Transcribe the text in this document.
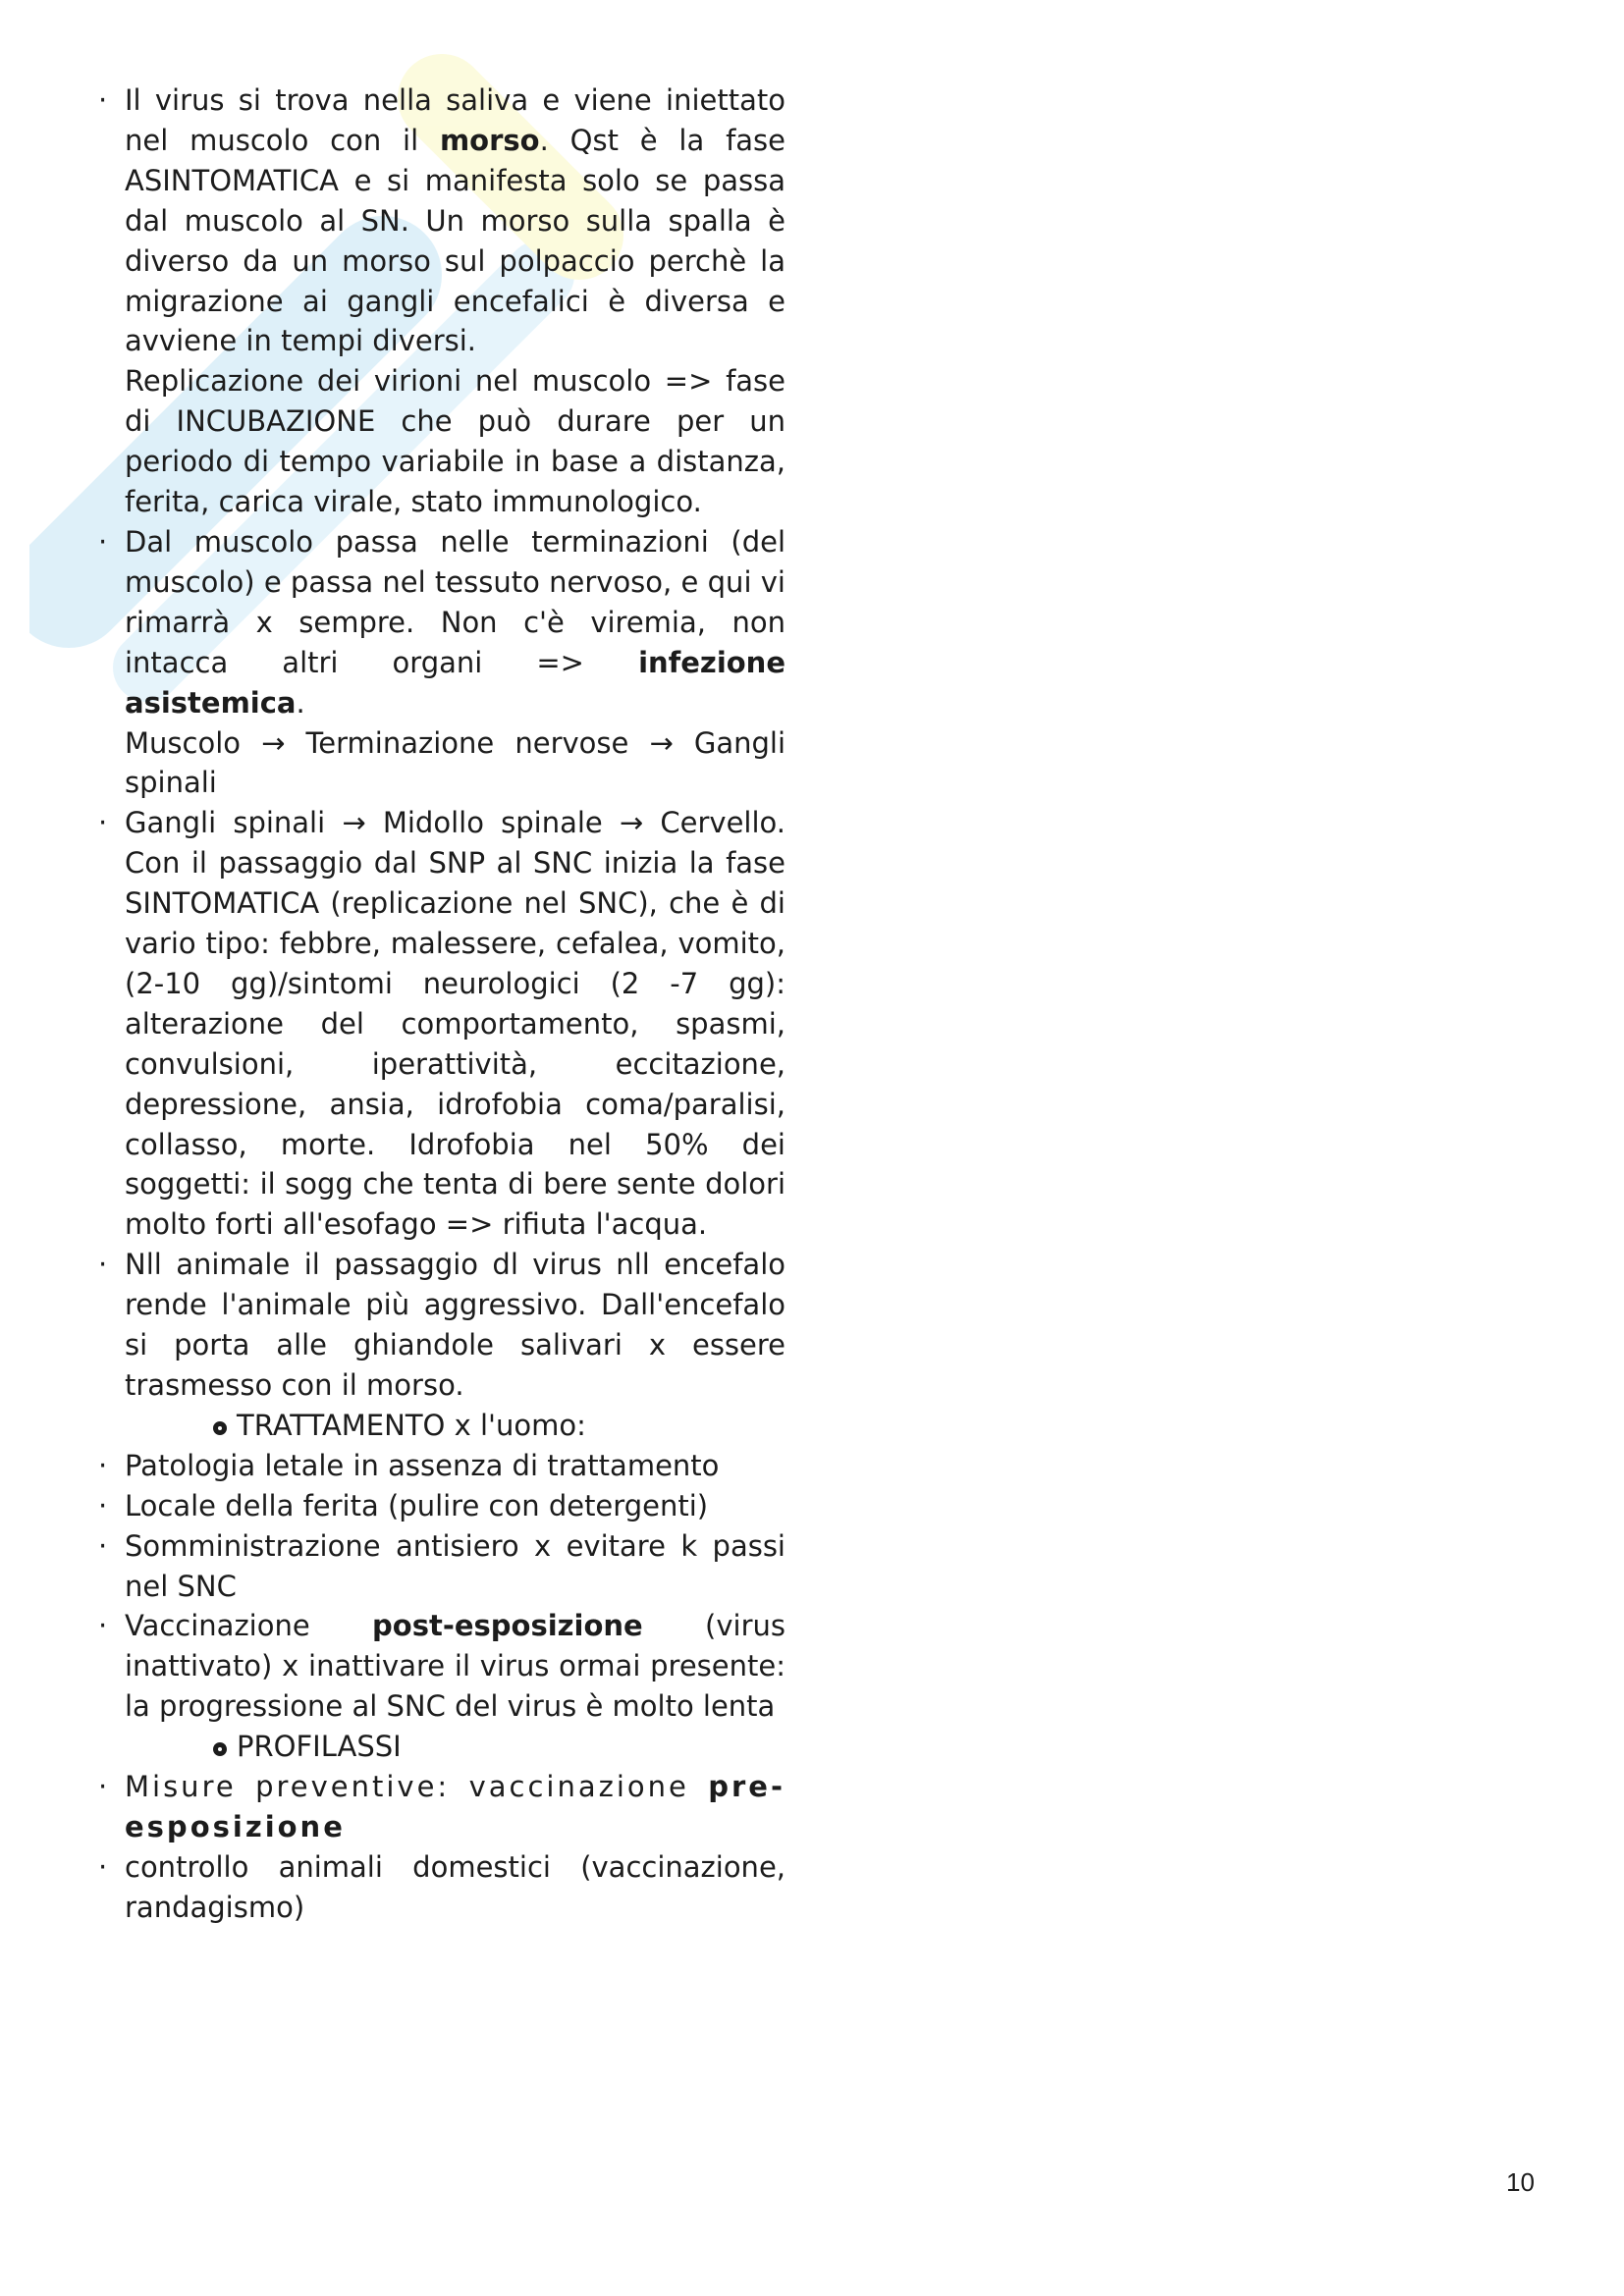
· Il virus si trova nella saliva e viene iniettato nel muscolo con il morso. Qst è la fase ASINTOMATICA e si manifesta solo se passa dal muscolo al SN. Un morso sulla spalla è diverso da un morso sul polpaccio perchè la migrazione ai gangli encefalici è diversa e avviene in tempi diversi.
Replicazione dei virioni nel muscolo => fase di INCUBAZIONE che può durare per un periodo di tempo variabile in base a distanza, ferita, carica virale, stato immunologico.
· Dal muscolo passa nelle terminazioni (del muscolo) e passa nel tessuto nervoso, e qui vi rimarrà x sempre. Non c'è viremia, non intacca altri organi => infezione asistemica.
Muscolo → Terminazione nervose → Gangli spinali
· Gangli spinali → Midollo spinale → Cervello. Con il passaggio dal SNP al SNC inizia la fase SINTOMATICA (replicazione nel SNC), che è di vario tipo: febbre, malessere, cefalea, vomito, (2-10 gg)/sintomi neurologici (2 -7 gg): alterazione del comportamento, spasmi, convulsioni, iperattività, eccitazione, depressione, ansia, idrofobia coma/paralisi, collasso, morte. Idrofobia nel 50% dei soggetti: il sogg che tenta di bere sente dolori molto forti all'esofago => rifiuta l'acqua.
· Nll animale il passaggio dl virus nll encefalo rende l'animale più aggressivo. Dall'encefalo si porta alle ghiandole salivari x essere trasmesso con il morso.
TRATTAMENTO x l'uomo:
· Patologia letale in assenza di trattamento
· Locale della ferita (pulire con detergenti)
· Somministrazione antisiero x evitare k passi nel SNC
· Vaccinazione post-esposizione (virus inattivato) x inattivare il virus ormai presente: la progressione al SNC del virus è molto lenta
PROFILASSI
· Misure preventive: vaccinazione pre-esposizione
· controllo animali domestici (vaccinazione, randagismo)
10
